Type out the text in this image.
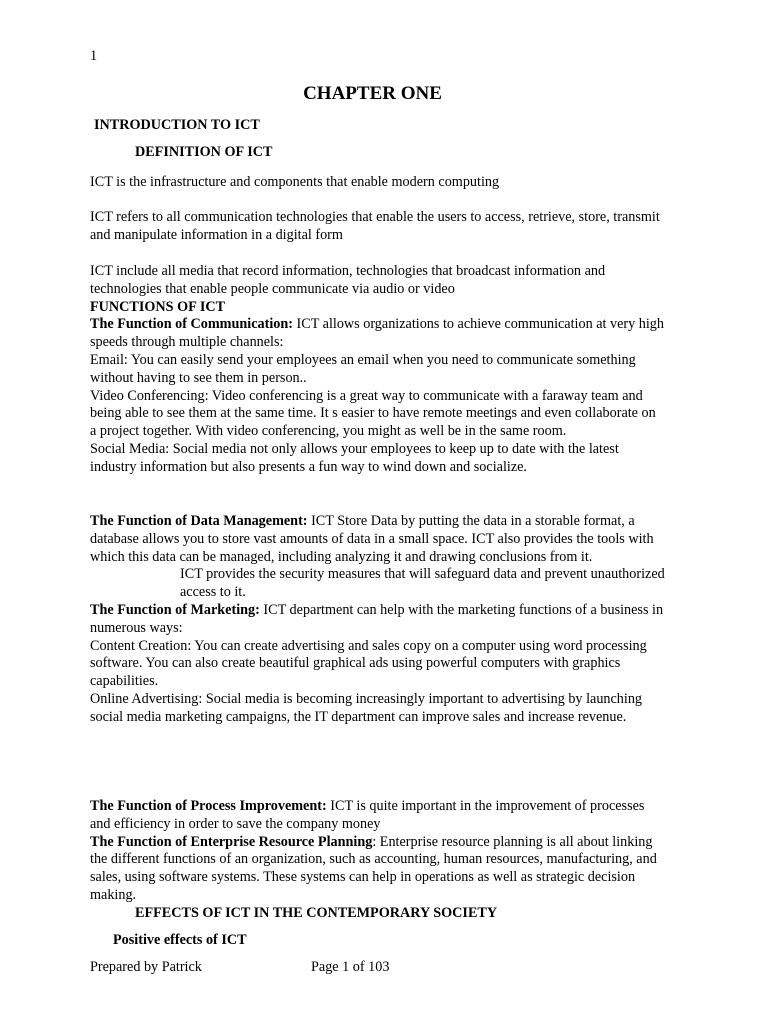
1
CHAPTER ONE
INTRODUCTION TO ICT
DEFINITION OF ICT

ICT is the infrastructure and components that enable modern computing

ICT refers to all communication technologies that enable the users to access, retrieve, store, transmit and manipulate information in a digital form

ICT include all media that record information, technologies that broadcast information and technologies that enable people communicate via audio or video

FUNCTIONS OF ICT

The Function of Communication: ICT allows organizations to achieve communication at very high speeds through multiple channels:

Email: You can easily send your employees an email when you need to communicate something without having to see them in person..

Video Conferencing: Video conferencing is a great way to communicate with a faraway team and being able to see them at the same time. It s easier to have remote meetings and even collaborate on a project together. With video conferencing, you might as well be in the same room.

Social Media: Social media not only allows your employees to keep up to date with the latest industry information but also presents a fun way to wind down and socialize.

The Function of Data Management: ICT Store Data by putting the data in a storable format, a database allows you to store vast amounts of data in a small space. ICT also provides the tools with which this data can be managed, including analyzing it and drawing conclusions from it.

ICT provides the security measures that will safeguard data and prevent unauthorized access to it.

The Function of Marketing: ICT department can help with the marketing functions of a business in numerous ways:

Content Creation: You can create advertising and sales copy on a computer using word processing software. You can also create beautiful graphical ads using powerful computers with graphics capabilities.

Online Advertising: Social media is becoming increasingly important to advertising by launching social media marketing campaigns, the IT department can improve sales and increase revenue.

The Function of Process Improvement: ICT is quite important in the improvement of processes and efficiency in order to save the company money

The Function of Enterprise Resource Planning: Enterprise resource planning is all about linking the different functions of an organization, such as accounting, human resources, manufacturing, and sales, using software systems. These systems can help in operations as well as strategic decision making.

EFFECTS OF ICT IN THE CONTEMPORARY SOCIETY
Positive effects of ICT
Prepared by Patrick	Page 1 of 103
